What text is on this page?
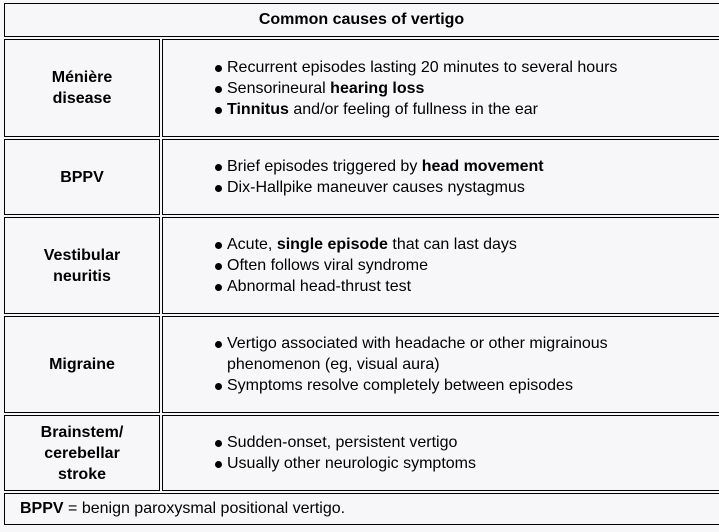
Common causes of vertigo
Ménière
disease
Recurrent episodes lasting 20 minutes to several hours
Sensorineural hearing loss
Tinnitus and/or feeling of fullness in the ear
BPPV
Brief episodes triggered by head movement
Dix-Hallpike maneuver causes nystagmus
Vestibular
neuritis
Acute, single episode that can last days
Often follows viral syndrome
Abnormal head-thrust test
Migraine
Vertigo associated with headache or other migrainous phenomenon (eg, visual aura)
Symptoms resolve completely between episodes
Brainstem/
cerebellar
stroke
Sudden-onset, persistent vertigo
Usually other neurologic symptoms
BPPV = benign paroxysmal positional vertigo.
